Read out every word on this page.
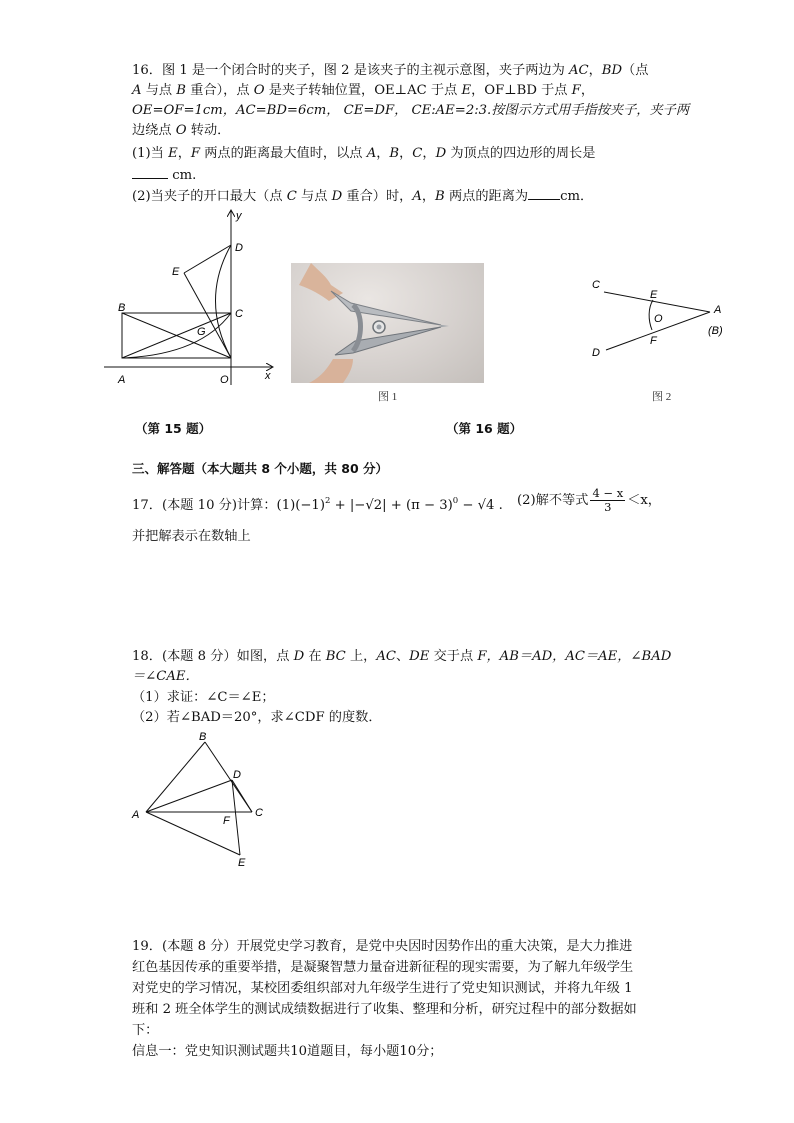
16．图 1 是一个闭合时的夹子，图 2 是该夹子的主视示意图，夹子两边为 AC，BD（点
A 与点 B 重合），点 O 是夹子转轴位置，OE⊥AC 于点 E，OF⊥BD 于点 F，
OE=OF=1cm，AC=BD=6cm， CE=DF， CE:AE=2:3.按图示方式用手指按夹子，夹子两
边绕点 O 转动．
(1)当 E，F 两点的距离最大值时，以点 A，B，C，D 为顶点的四边形的周长是
cm.
(2)当夹子的开口最大（点 C 与点 D 重合）时，A，B 两点的距离为 cm．
y
x
D
E
B	C
G
A	O
C
E
A
(B)
O
F
D
图 1	图 2
（第 15 题）	（第 16 题）
三、解答题（本大题共 8 个小题，共 80 分）
17．(本题 10 分)计算：$(1)(-1)^2 + |-√2| + (\pi - 3)^0 - √4$ . (2)解不等式 $\frac{4 - x}{3} <x$，
并把解表示在数轴上
18．(本题 8 分）如图，点 D 在 BC 上，AC、DE 交于点 F，AB＝AD，AC＝AE，∠BAD
＝∠CAE．
（1）求证：∠C＝∠E；
（2）若∠BAD＝20°，求∠CDF 的度数．
B
D
C
A	F
E
19．(本题 8 分）开展党史学习教育，是党中央因时因势作出的重大决策，是大力推进
红色基因传承的重要举措，是凝聚智慧力量奋进新征程的现实需要，为了解九年级学生
对党史的学习情况，某校团委组织部对九年级学生进行了党史知识测试，并将九年级 1
班和 2 班全体学生的测试成绩数据进行了收集、整理和分析，研究过程中的部分数据如
下：
信息一：党史知识测试题共10道题目，每小题10分；
